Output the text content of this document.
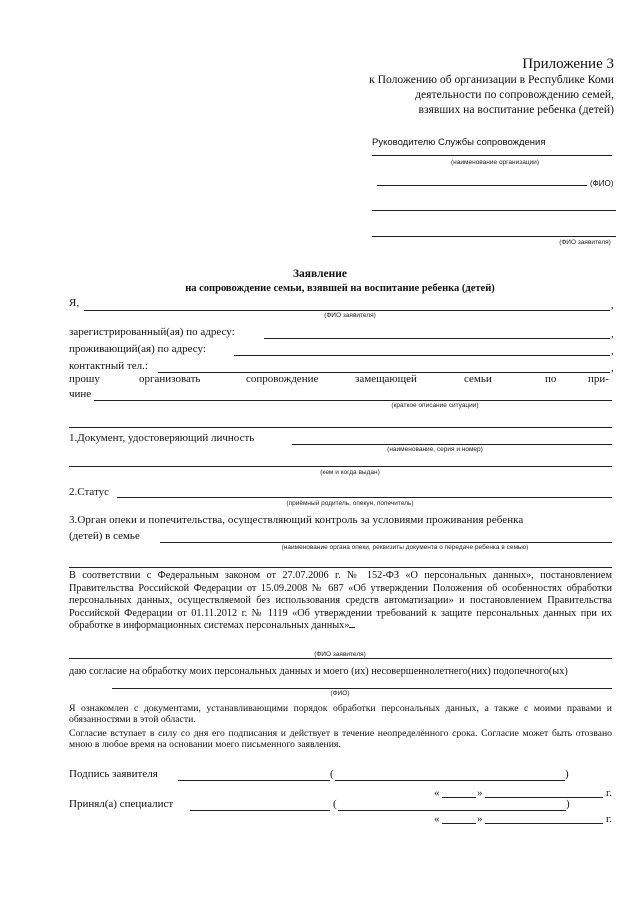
Приложение 3
к Положению об организации в Республике Коми
деятельности по сопровождению семей,
взявших на воспитание ребенка (детей)
Руководителю Службы сопровождения
(наименование организации)
(ФИО)
(ФИО заявителя)
Заявление
на сопровождение семьи, взявшей на воспитание ребенка (детей)
Я,	,
(ФИО заявителя)
зарегистрированный(ая) по адресу:	,
проживающий(ая) по адресу:	,
контактный тел.:	,
прошу	организовать	сопровождение	замещающей	семьи	по	при-
чине
(краткое описание ситуации)
1.Документ, удостоверяющий личность
(наименование, серия и номер)
(кем и когда выдан)
2.Статус
(приёмный родитель, опекун, попечитель)
3.Орган опеки и попечительства, осуществляющий контроль за условиями проживания ребенка
(детей) в семье
(наименование органа опеки, реквизиты документа о передаче ребенка в семью)
В соответствии с Федеральным законом от 27.07.2006 г. № 152-ФЗ «О персональных данных», постановлением Правительства Российской Федерации от 15.09.2008 № 687 «Об утверждении Положения об особенностях обработки персональных данных, осуществляемой без использования средств автоматизации» и постановлением Правительства Российской Федерации от 01.11.2012 г. № 1119 «Об утверждении требований к защите персональных данных при их обработке в информационных системах персональных данных»
(ФИО заявителя)
даю согласие на обработку моих персональных данных и моего (их) несовершеннолетнего(них) подопечного(ых)
(ФИО)
Я ознакомлен с документами, устанавливающими порядок обработки персональных данных, а также с моими правами и обязанностями в этой области.
Согласие вступает в силу со дня его подписания и действует в течение неопределённого срока. Согласие может быть отозвано мною в любое время на основании моего письменного заявления.
Подпись заявителя	(	)
«	»	г.
Принял(а) специалист	(	)
«	»	г.
